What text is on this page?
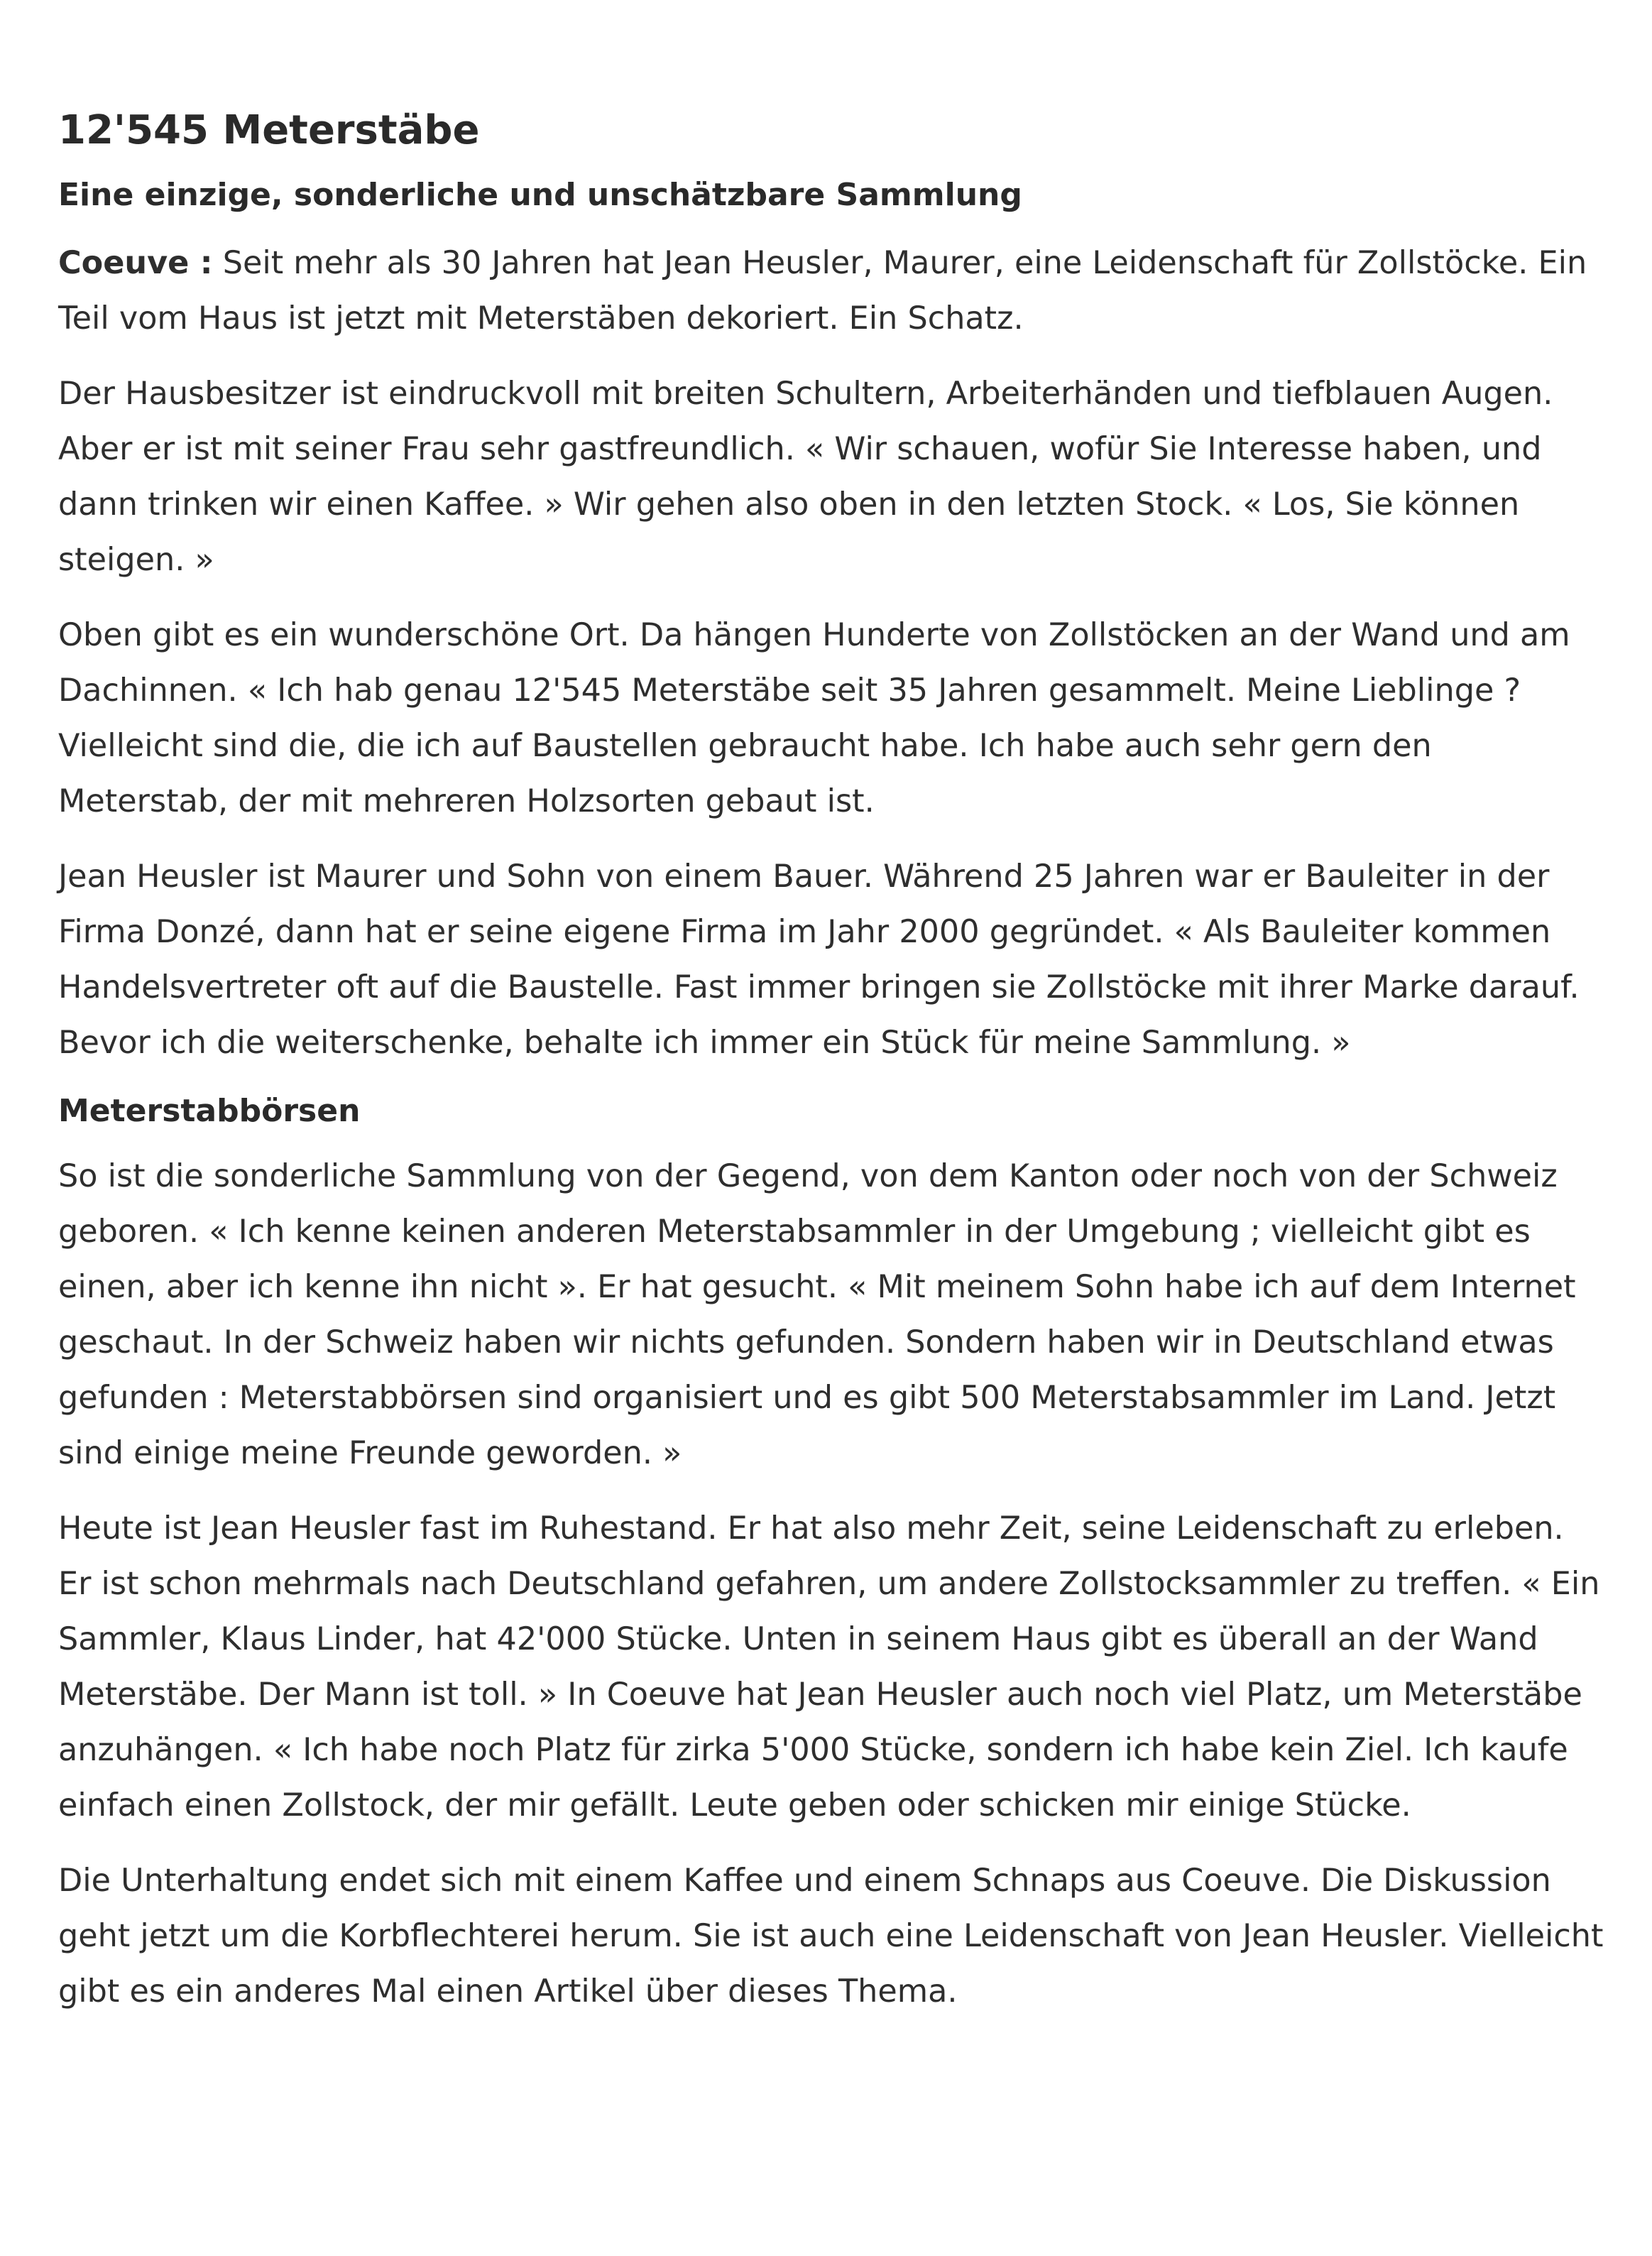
12'545 Meterstäbe
Eine einzige, sonderliche und unschätzbare Sammlung

Coeuve : Seit mehr als 30 Jahren hat Jean Heusler, Maurer, eine Leidenschaft für Zollstöcke. Ein Teil vom Haus ist jetzt mit Meterstäben dekoriert. Ein Schatz.

Der Hausbesitzer ist eindruckvoll mit breiten Schultern, Arbeiterhänden und tiefblauen Augen. Aber er ist mit seiner Frau sehr gastfreundlich. « Wir schauen, wofür Sie Interesse haben, und dann trinken wir einen Kaffee. » Wir gehen also oben in den letzten Stock. « Los, Sie können steigen. »

Oben gibt es ein wunderschöne Ort. Da hängen Hunderte von Zollstöcken an der Wand und am Dachinnen. « Ich hab genau 12'545 Meterstäbe seit 35 Jahren gesammelt. Meine Lieblinge ? Vielleicht sind die, die ich auf Baustellen gebraucht habe. Ich habe auch sehr gern den Meterstab, der mit mehreren Holzsorten gebaut ist.

Jean Heusler ist Maurer und Sohn von einem Bauer. Während 25 Jahren war er Bauleiter in der Firma Donzé, dann hat er seine eigene Firma im Jahr 2000 gegründet. « Als Bauleiter kommen Handelsvertreter oft auf die Baustelle. Fast immer bringen sie Zollstöcke mit ihrer Marke darauf. Bevor ich die weiterschenke, behalte ich immer ein Stück für meine Sammlung. »

Meterstabbörsen

So ist die sonderliche Sammlung von der Gegend, von dem Kanton oder noch von der Schweiz geboren. « Ich kenne keinen anderen Meterstabsammler in der Umgebung ; vielleicht gibt es einen, aber ich kenne ihn nicht ». Er hat gesucht. « Mit meinem Sohn habe ich auf dem Internet geschaut. In der Schweiz haben wir nichts gefunden. Sondern haben wir in Deutschland etwas gefunden : Meterstabbörsen sind organisiert und es gibt 500 Meterstabsammler im Land. Jetzt sind einige meine Freunde geworden. »

Heute ist Jean Heusler fast im Ruhestand. Er hat also mehr Zeit, seine Leidenschaft zu erleben. Er ist schon mehrmals nach Deutschland gefahren, um andere Zollstocksammler zu treffen. « Ein Sammler, Klaus Linder, hat 42'000 Stücke. Unten in seinem Haus gibt es überall an der Wand Meterstäbe. Der Mann ist toll. » In Coeuve hat Jean Heusler auch noch viel Platz, um Meterstäbe anzuhängen. « Ich habe noch Platz für zirka 5'000 Stücke, sondern ich habe kein Ziel. Ich kaufe einfach einen Zollstock, der mir gefällt. Leute geben oder schicken mir einige Stücke.

Die Unterhaltung endet sich mit einem Kaffee und einem Schnaps aus Coeuve. Die Diskussion geht jetzt um die Korbflechterei herum. Sie ist auch eine Leidenschaft von Jean Heusler. Vielleicht gibt es ein anderes Mal einen Artikel über dieses Thema.
